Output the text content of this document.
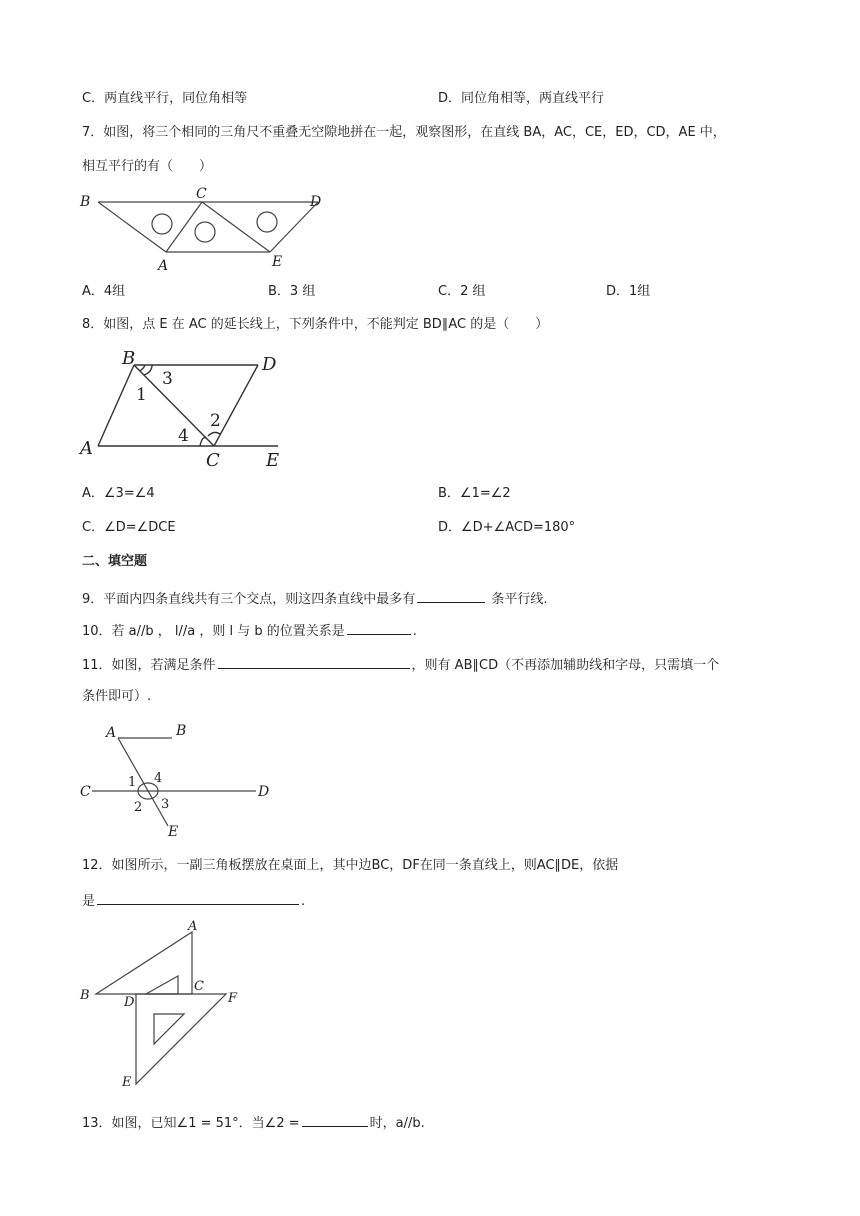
C．两直线平行，同位角相等	D．同位角相等，两直线平行
7．如图，将三个相同的三角尺不重叠无空隙地拼在一起，观察图形，在直线 BA，AC，CE，ED，CD，AE 中，
相互平行的有（　　）
B	C	D
A	E
A．4组	B．3 组	C．2 组	D．1组
8．如图，点 E 在 AC 的延长线上，下列条件中，不能判定 BD∥AC 的是（　　）
B	D
A
C	E
1
2
3
4
A．∠3=∠4	B．∠1=∠2
C．∠D=∠DCE	D．∠D+∠ACD=180°
二、填空题
9．平面内四条直线共有三个交点，则这四条直线中最多有	条平行线.
10．若 a//b ， l//a ，则 l 与 b 的位置关系是	.
11．如图，若满足条件	，则有 AB∥CD（不再添加辅助线和字母，只需填一个
条件即可）.
A	B
C	D
E
1
2 3
4
12．如图所示，一副三角板摆放在桌面上，其中边BC，DF在同一条直线上，则AC∥DE，依据
是	.
A
B
C
D
E
F
13．如图，已知∠1 = 51°．当∠2 =	时，a//b.
